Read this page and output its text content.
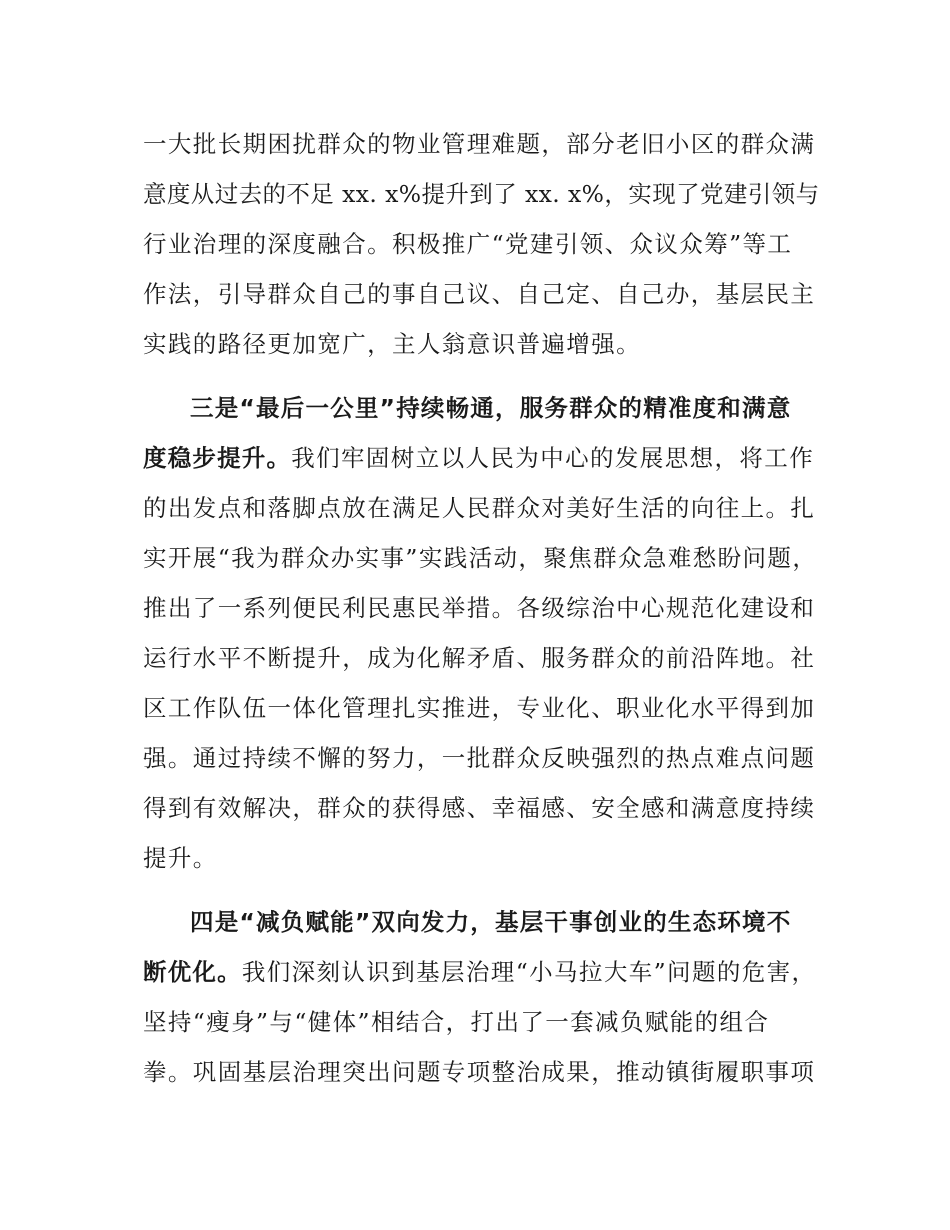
一大批长期困扰群众的物业管理难题，部分老旧小区的群众满

意度从过去的不足 xx. x%提升到了 xx. x%，实现了党建引领与

行业治理的深度融合。积极推广“党建引领、众议众筹”等工

作法，引导群众自己的事自己议、自己定、自己办，基层民主

实践的路径更加宽广，主人翁意识普遍增强。

三是“最后一公里”持续畅通，服务群众的精准度和满意

度稳步提升。我们牢固树立以人民为中心的发展思想，将工作

的出发点和落脚点放在满足人民群众对美好生活的向往上。扎

实开展“我为群众办实事”实践活动，聚焦群众急难愁盼问题，

推出了一系列便民利民惠民举措。各级综治中心规范化建设和

运行水平不断提升，成为化解矛盾、服务群众的前沿阵地。社

区工作队伍一体化管理扎实推进，专业化、职业化水平得到加

强。通过持续不懈的努力，一批群众反映强烈的热点难点问题

得到有效解决，群众的获得感、幸福感、安全感和满意度持续

提升。

四是“减负赋能”双向发力，基层干事创业的生态环境不

断优化。我们深刻认识到基层治理“小马拉大车”问题的危害，

坚持“瘦身”与“健体”相结合，打出了一套减负赋能的组合

拳。巩固基层治理突出问题专项整治成果，推动镇街履职事项
